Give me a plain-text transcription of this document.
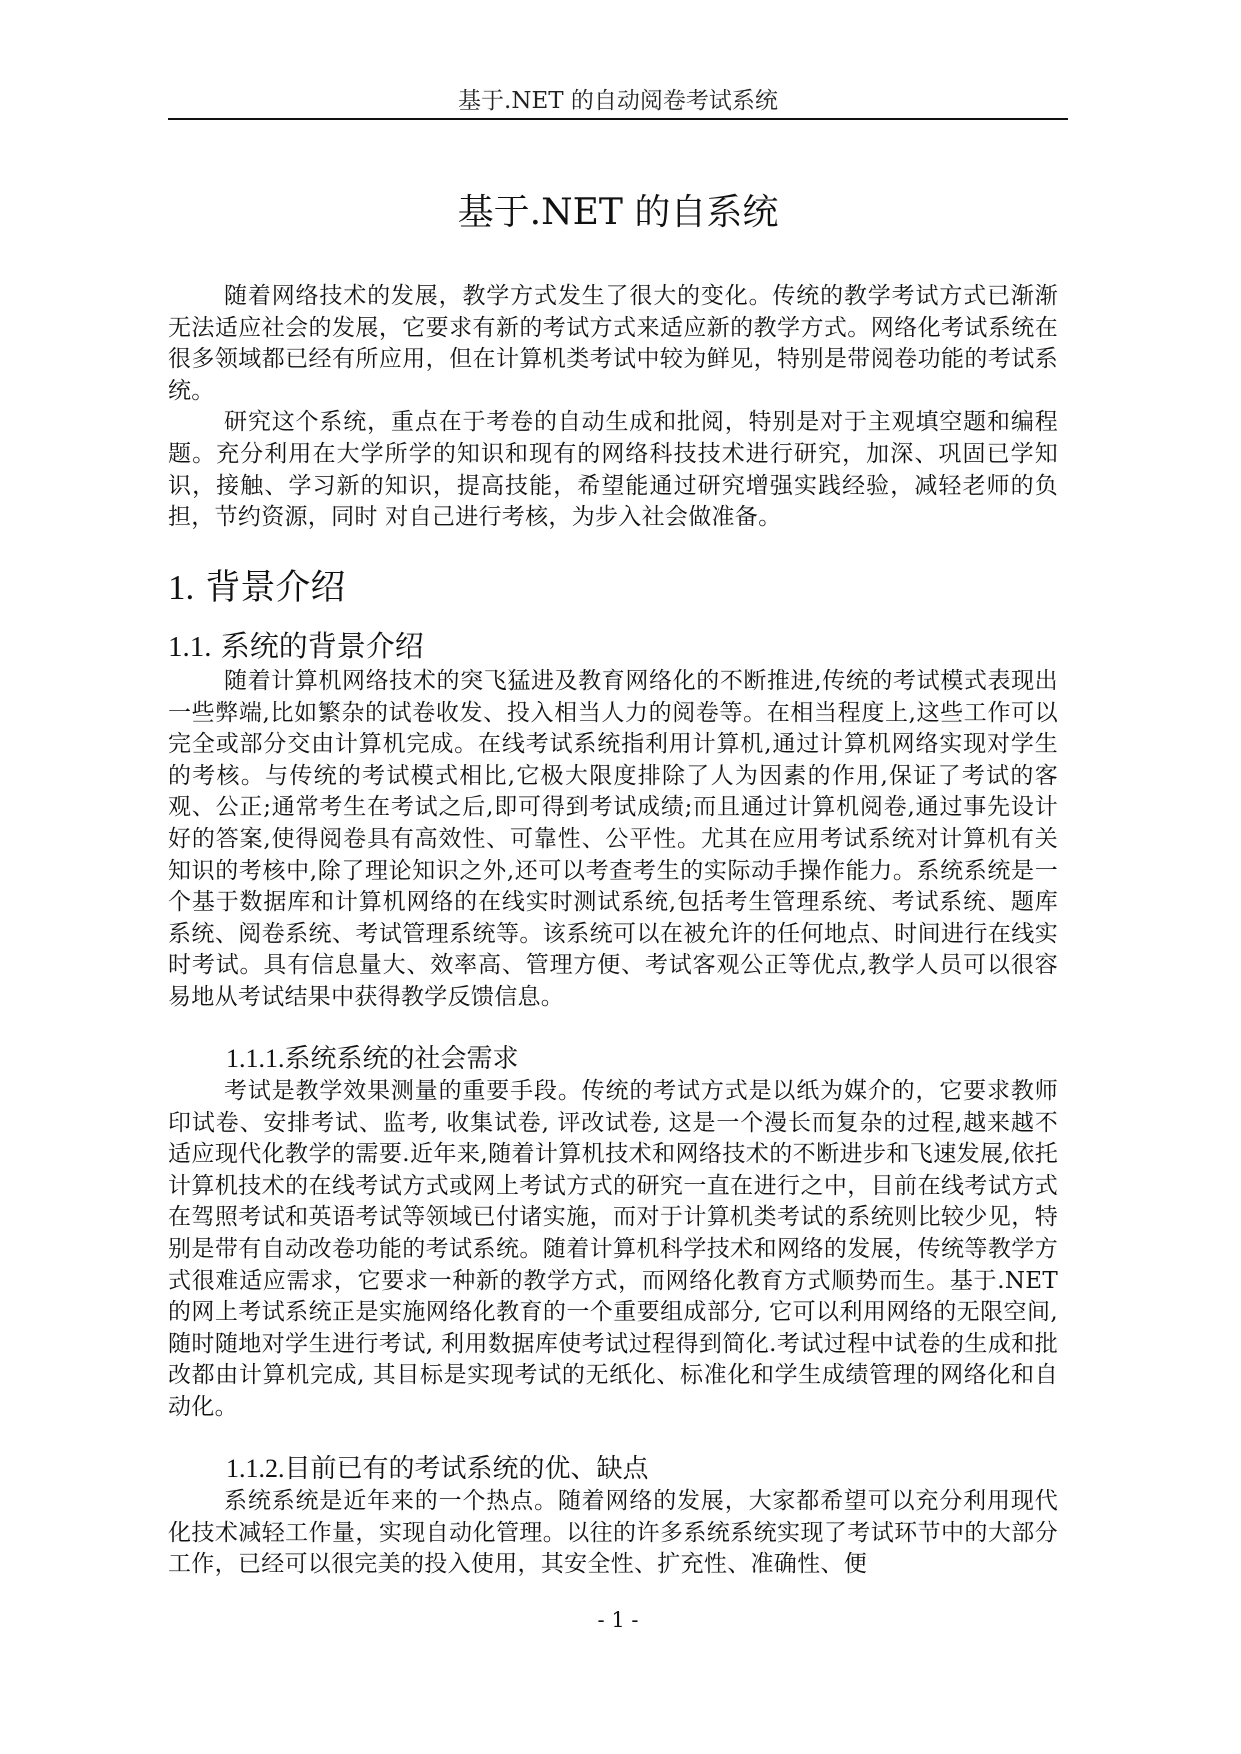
基于.NET 的自动阅卷考试系统
基于.NET 的自系统

随着网络技术的发展，教学方式发生了很大的变化。传统的教学考试方式已渐渐无法适应社会的发展，它要求有新的考试方式来适应新的教学方式。网络化考试系统在很多领域都已经有所应用，但在计算机类考试中较为鲜见，特别是带阅卷功能的考试系统。

研究这个系统，重点在于考卷的自动生成和批阅，特别是对于主观填空题和编程题。充分利用在大学所学的知识和现有的网络科技技术进行研究，加深、巩固已学知识，接触、学习新的知识，提高技能，希望能通过研究增强实践经验，减轻老师的负担，节约资源，同时 对自己进行考核，为步入社会做准备。

1. 背景介绍
1.1. 系统的背景介绍

随着计算机网络技术的突飞猛进及教育网络化的不断推进,传统的考试模式表现出一些弊端,比如繁杂的试卷收发、投入相当人力的阅卷等。在相当程度上,这些工作可以完全或部分交由计算机完成。在线考试系统指利用计算机,通过计算机网络实现对学生的考核。与传统的考试模式相比,它极大限度排除了人为因素的作用,保证了考试的客观、公正;通常考生在考试之后,即可得到考试成绩;而且通过计算机阅卷,通过事先设计好的答案,使得阅卷具有高效性、可靠性、公平性。尤其在应用考试系统对计算机有关知识的考核中,除了理论知识之外,还可以考查考生的实际动手操作能力。系统系统是一个基于数据库和计算机网络的在线实时测试系统,包括考生管理系统、考试系统、题库系统、阅卷系统、考试管理系统等。该系统可以在被允许的任何地点、时间进行在线实时考试。具有信息量大、效率高、管理方便、考试客观公正等优点,教学人员可以很容易地从考试结果中获得教学反馈信息。

1.1.1.系统系统的社会需求

考试是教学效果测量的重要手段。传统的考试方式是以纸为媒介的，它要求教师印试卷、安排考试、监考, 收集试卷, 评改试卷, 这是一个漫长而复杂的过程,越来越不适应现代化教学的需要.近年来,随着计算机技术和网络技术的不断进步和飞速发展,依托计算机技术的在线考试方式或网上考试方式的研究一直在进行之中，目前在线考试方式在驾照考试和英语考试等领域已付诸实施，而对于计算机类考试的系统则比较少见，特别是带有自动改卷功能的考试系统。随着计算机科学技术和网络的发展，传统等教学方式很难适应需求，它要求一种新的教学方式，而网络化教育方式顺势而生。基于.NET 的网上考试系统正是实施网络化教育的一个重要组成部分, 它可以利用网络的无限空间, 随时随地对学生进行考试, 利用数据库使考试过程得到简化.考试过程中试卷的生成和批改都由计算机完成, 其目标是实现考试的无纸化、标准化和学生成绩管理的网络化和自动化。

1.1.2.目前已有的考试系统的优、缺点

系统系统是近年来的一个热点。随着网络的发展，大家都希望可以充分利用现代化技术减轻工作量，实现自动化管理。以往的许多系统系统实现了考试环节中的大部分工作，已经可以很完美的投入使用，其安全性、扩充性、准确性、便

- 1 -
